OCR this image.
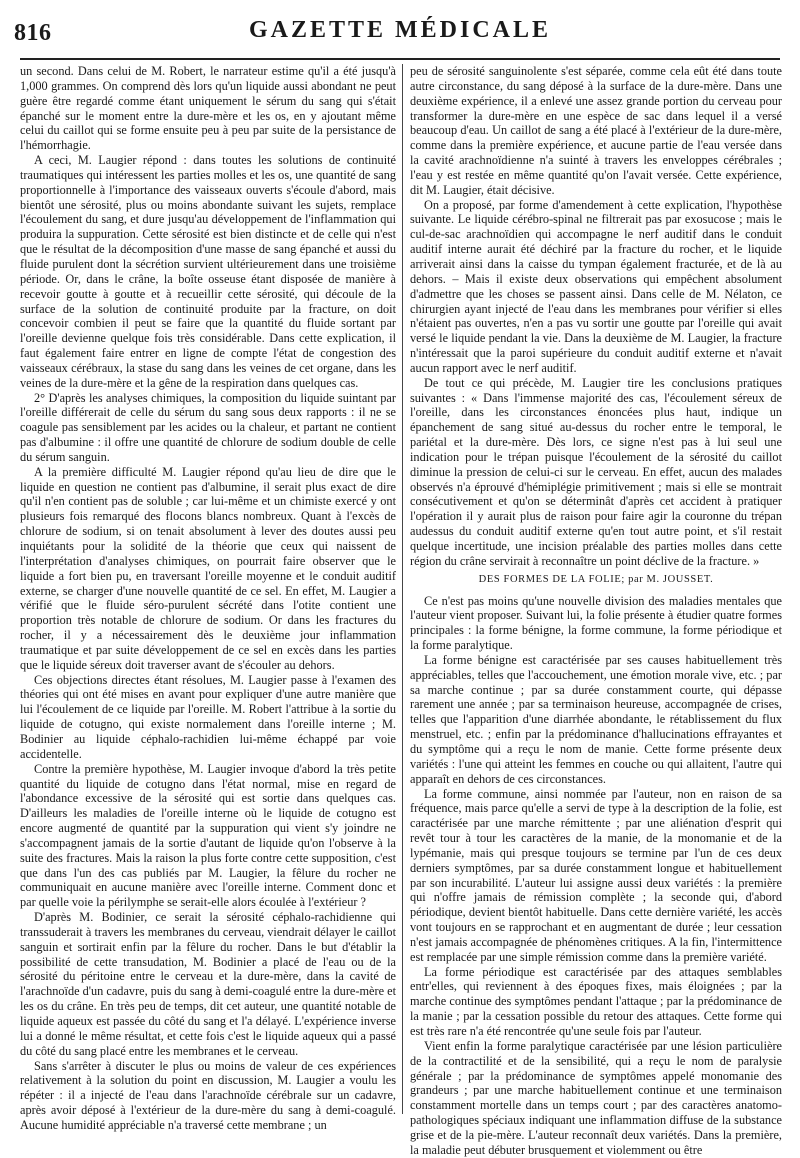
816	GAZETTE MÉDICALE

un second. Dans celui de M. Robert, le narrateur estime qu'il a été jusqu'à 1,000 grammes. On comprend dès lors qu'un liquide aussi abondant ne peut guère être regardé comme étant uniquement le sérum du sang qui s'était épanché sur le moment entre la dure-mère et les os, en y ajoutant même celui du caillot qui se forme ensuite peu à peu par suite de la persistance de l'hémorrhagie.

A ceci, M. Laugier répond : dans toutes les solutions de continuité traumatiques qui intéressent les parties molles et les os, une quantité de sang proportionnelle à l'importance des vaisseaux ouverts s'écoule d'abord, mais bientôt une sérosité, plus ou moins abondante suivant les sujets, remplace l'écoulement du sang, et dure jusqu'au développement de l'inflammation qui produira la suppuration. Cette sérosité est bien distincte et de celle qui n'est que le résultat de la décomposition d'une masse de sang épanché et aussi du fluide purulent dont la sécrétion survient ultérieurement dans une troisième période. Or, dans le crâne, la boîte osseuse étant disposée de manière à recevoir goutte à goutte et à recueillir cette sérosité, qui découle de la surface de la solution de continuité produite par la fracture, on doit concevoir combien il peut se faire que la quantité du fluide sortant par l'oreille devienne quelque fois très considérable. Dans cette explication, il faut également faire entrer en ligne de compte l'état de congestion des vaisseaux cérébraux, la stase du sang dans les veines de cet organe, dans les veines de la dure-mère et la gêne de la respiration dans quelques cas.

2° D'après les analyses chimiques, la composition du liquide suintant par l'oreille différerait de celle du sérum du sang sous deux rapports : il ne se coagule pas sensiblement par les acides ou la chaleur, et partant ne contient pas d'albumine : il offre une quantité de chlorure de sodium double de celle du sérum sanguin.

A la première difficulté M. Laugier répond qu'au lieu de dire que le liquide en question ne contient pas d'albumine, il serait plus exact de dire qu'il n'en contient pas de soluble ; car lui-même et un chimiste exercé y ont plusieurs fois remarqué des flocons blancs nombreux. Quant à l'excès de chlorure de sodium, si on tenait absolument à lever des doutes aussi peu inquiétants pour la solidité de la théorie que ceux qui naissent de l'interprétation d'analyses chimiques, on pourrait faire observer que le liquide a fort bien pu, en traversant l'oreille moyenne et le conduit auditif externe, se charger d'une nouvelle quantité de ce sel. En effet, M. Laugier a vérifié que le fluide séro-purulent sécrété dans l'otite contient une proportion très notable de chlorure de sodium. Or dans les fractures du rocher, il y a nécessairement dès le deuxième jour inflammation traumatique et par suite développement de ce sel en excès dans les parties que le liquide séreux doit traverser avant de s'écouler au dehors.

Ces objections directes étant résolues, M. Laugier passe à l'examen des théories qui ont été mises en avant pour expliquer d'une autre manière que lui l'écoulement de ce liquide par l'oreille. M. Robert l'attribue à la sortie du liquide de cotugno, qui existe normalement dans l'oreille interne ; M. Bodinier au liquide céphalo-rachidien lui-même échappé par voie accidentelle.

Contre la première hypothèse, M. Laugier invoque d'abord la très petite quantité du liquide de cotugno dans l'état normal, mise en regard de l'abondance excessive de la sérosité qui est sortie dans quelques cas. D'ailleurs les maladies de l'oreille interne où le liquide de cotugno est encore augmenté de quantité par la suppuration qui vient s'y joindre ne s'accompagnent jamais de la sortie d'autant de liquide qu'on l'observe à la suite des fractures. Mais la raison la plus forte contre cette supposition, c'est que dans l'un des cas publiés par M. Laugier, la fêlure du rocher ne communiquait en aucune manière avec l'oreille interne. Comment donc et par quelle voie la périlymphe se serait-elle alors écoulée à l'extérieur ?

D'après M. Bodinier, ce serait la sérosité céphalo-rachidienne qui transsuderait à travers les membranes du cerveau, viendrait délayer le caillot sanguin et sortirait enfin par la fêlure du rocher. Dans le but d'établir la possibilité de cette transudation, M. Bodinier a placé de l'eau ou de la sérosité du péritoine entre le cerveau et la dure-mère, dans la cavité de l'arachnoïde d'un cadavre, puis du sang à demi-coagulé entre la dure-mère et les os du crâne. En très peu de temps, dit cet auteur, une quantité notable de liquide aqueux est passée du côté du sang et l'a délayé. L'expérience inverse lui a donné le même résultat, et cette fois c'est le liquide aqueux qui a passé du côté du sang placé entre les membranes et le cerveau.

Sans s'arrêter à discuter le plus ou moins de valeur de ces expériences relativement à la solution du point en discussion, M. Laugier a voulu les répéter : il a injecté de l'eau dans l'arachnoïde cérébrale sur un cadavre, après avoir déposé à l'extérieur de la dure-mère du sang à demi-coagulé. Aucune humidité appréciable n'a traversé cette membrane ; un

peu de sérosité sanguinolente s'est séparée, comme cela eût été dans toute autre circonstance, du sang déposé à la surface de la dure-mère. Dans une deuxième expérience, il a enlevé une assez grande portion du cerveau pour transformer la dure-mère en une espèce de sac dans lequel il a versé beaucoup d'eau. Un caillot de sang a été placé à l'extérieur de la dure-mère, comme dans la première expérience, et aucune partie de l'eau versée dans la cavité arachnoïdienne n'a suinté à travers les enveloppes cérébrales ; l'eau y est restée en même quantité qu'on l'avait versée. Cette expérience, dit M. Laugier, était décisive.

On a proposé, par forme d'amendement à cette explication, l'hypothèse suivante. Le liquide cérébro-spinal ne filtrerait pas par exosucose ; mais le cul-de-sac arachnoïdien qui accompagne le nerf auditif dans le conduit auditif interne aurait été déchiré par la fracture du rocher, et le liquide arriverait ainsi dans la caisse du tympan également fracturée, et de là au dehors. – Mais il existe deux observations qui empêchent absolument d'admettre que les choses se passent ainsi. Dans celle de M. Nélaton, ce chirurgien ayant injecté de l'eau dans les membranes pour vérifier si elles n'étaient pas ouvertes, n'en a pas vu sortir une goutte par l'oreille qui avait versé le liquide pendant la vie. Dans la deuxième de M. Laugier, la fracture n'intéressait que la paroi supérieure du conduit auditif externe et n'avait aucun rapport avec le nerf auditif.

De tout ce qui précède, M. Laugier tire les conclusions pratiques suivantes : « Dans l'immense majorité des cas, l'écoulement séreux de l'oreille, dans les circonstances énoncées plus haut, indique un épanchement de sang situé au-dessus du rocher entre le temporal, le pariétal et la dure-mère. Dès lors, ce signe n'est pas à lui seul une indication pour le trépan puisque l'écoulement de la sérosité du caillot diminue la pression de celui-ci sur le cerveau. En effet, aucun des malades observés n'a éprouvé d'hémiplégie primitivement ; mais si elle se montrait consécutivement et qu'on se déterminât d'après cet accident à pratiquer l'opération il y aurait plus de raison pour faire agir la couronne du trépan audessus du conduit auditif externe qu'en tout autre point, et s'il restait quelque incertitude, une incision préalable des parties molles dans cette région du crâne servirait à reconnaître un point déclive de la fracture. »

DES FORMES DE LA FOLIE; par M. JOUSSET.

Ce n'est pas moins qu'une nouvelle division des maladies mentales que l'auteur vient proposer. Suivant lui, la folie présente à étudier quatre formes principales : la forme bénigne, la forme commune, la forme périodique et la forme paralytique.

La forme bénigne est caractérisée par ses causes habituellement très appréciables, telles que l'accouchement, une émotion morale vive, etc. ; par sa marche continue ; par sa durée constamment courte, qui dépasse rarement une année ; par sa terminaison heureuse, accompagnée de crises, telles que l'apparition d'une diarrhée abondante, le rétablissement du flux menstruel, etc. ; enfin par la prédominance d'hallucinations effrayantes et du symptôme qui a reçu le nom de manie. Cette forme présente deux variétés : l'une qui atteint les femmes en couche ou qui allaitent, l'autre qui apparaît en dehors de ces circonstances.

La forme commune, ainsi nommée par l'auteur, non en raison de sa fréquence, mais parce qu'elle a servi de type à la description de la folie, est caractérisée par une marche rémittente ; par une aliénation d'esprit qui revêt tour à tour les caractères de la manie, de la monomanie et de la lypémanie, mais qui presque toujours se termine par l'un de ces deux derniers symptômes, par sa durée constamment longue et habituellement par son incurabilité. L'auteur lui assigne aussi deux variétés : la première qui n'offre jamais de rémission complète ; la seconde qui, d'abord périodique, devient bientôt habituelle. Dans cette dernière variété, les accès vont toujours en se rapprochant et en augmentant de durée ; leur cessation n'est jamais accompagnée de phénomènes critiques. A la fin, l'intermittence est remplacée par une simple rémission comme dans la première variété.

La forme périodique est caractérisée par des attaques semblables entr'elles, qui reviennent à des époques fixes, mais éloignées ; par la marche continue des symptômes pendant l'attaque ; par la prédominance de la manie ; par la cessation possible du retour des attaques. Cette forme qui est très rare n'a été rencontrée qu'une seule fois par l'auteur.

Vient enfin la forme paralytique caractérisée par une lésion particulière de la contractilité et de la sensibilité, qui a reçu le nom de paralysie générale ; par la prédominance de symptômes appelé monomanie des grandeurs ; par une marche habituellement continue et une terminaison constamment mortelle dans un temps court ; par des caractères anatomo-pathologiques spéciaux indiquant une inflammation diffuse de la substance grise et de la pie-mère. L'auteur reconnaît deux variétés. Dans la première, la maladie peut débuter brusquement et violemment ou être
